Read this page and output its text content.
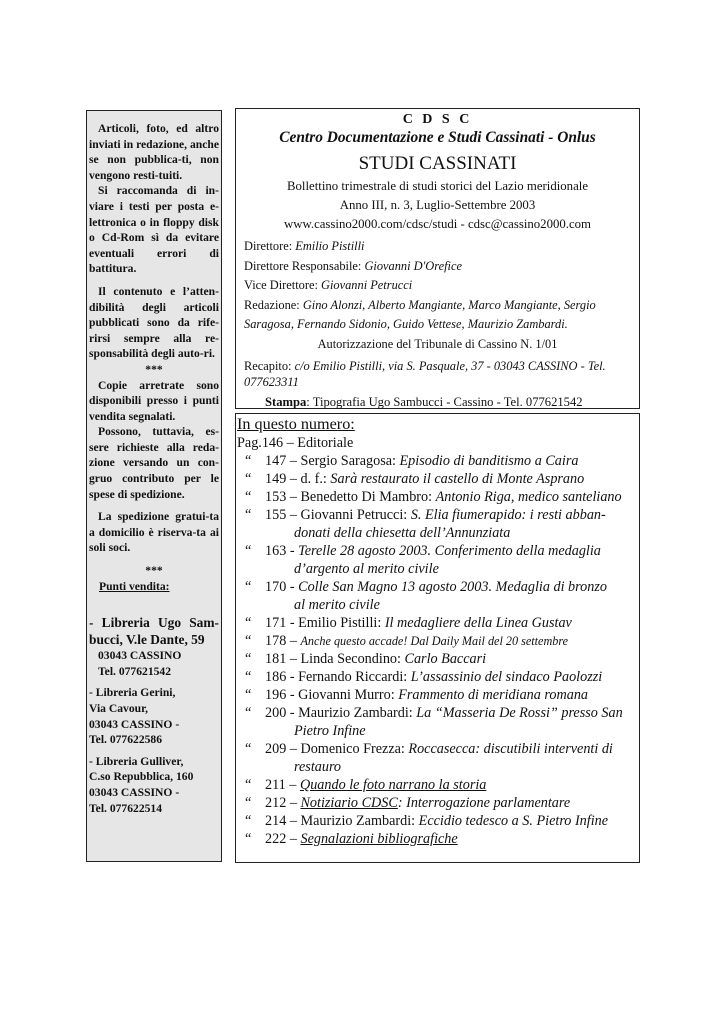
Articoli, foto, ed altro inviati in redazione, anche se non pubblica-ti, non vengono resti-tuiti.

Si raccomanda di in-viare i testi per posta e-lettronica o in floppy disk o Cd-Rom sì da evitare eventuali errori di battitura.

Il contenuto e l’atten-dibilità degli articoli pubblicati sono da rife-rirsi sempre alla re-sponsabilità degli auto-ri.

***

Copie arretrate sono disponibili presso i punti vendita segnalati.

Possono, tuttavia, es-sere richieste alla reda-zione versando un con-gruo contributo per le spese di spedizione.

La spedizione gratui-ta a domicilio è riserva-ta ai soli soci.

***

Punti vendita:

- Libreria Ugo Sam-bucci, V.le Dante, 59

03043 CASSINO

Tel. 077621542

- Libreria Gerini,

Via Cavour,

03043 CASSINO -

Tel. 077622586

- Libreria Gulliver,

C.so Repubblica, 160

03043 CASSINO -

Tel. 077622514

C D S C
Centro Documentazione e Studi Cassinati - Onlus
STUDI CASSINATI
Bollettino trimestrale di studi storici del Lazio meridionale
Anno III, n. 3, Luglio-Settembre 2003
www.cassino2000.com/cdsc/studi - cdsc@cassino2000.com
Direttore: Emilio Pistilli
Direttore Responsabile: Giovanni D'Orefice
Vice Direttore: Giovanni Petrucci
Redazione: Gino Alonzi, Alberto Mangiante, Marco Mangiante, Sergio Saragosa, Fernando Sidonio, Guido Vettese, Maurizio Zambardi.
Autorizzazione del Tribunale di Cassino N. 1/01
Recapito: c/o Emilio Pistilli, via S. Pasquale, 37 - 03043 CASSINO - Tel. 077623311
Stampa: Tipografia Ugo Sambucci - Cassino - Tel. 077621542
In questo numero:
Pag.146 – Editoriale
“ 147 – Sergio Saragosa: Episodio di banditismo a Caira
“ 149 – d. f.: Sarà restaurato il castello di Monte Asprano
“ 153 – Benedetto Di Mambro: Antonio Riga, medico santeliano
“ 155 – Giovanni Petrucci: S. Elia fiumerapido: i resti abban-
donati della chiesetta dell’Annunziata
“ 163 - Terelle 28 agosto 2003. Conferimento della medaglia
d’argento al merito civile
“ 170 - Colle San Magno 13 agosto 2003. Medaglia di bronzo
al merito civile
“ 171 - Emilio Pistilli: Il medagliere della Linea Gustav
“ 178 – Anche questo accade! Dal Daily Mail del 20 settembre
“ 181 – Linda Secondino: Carlo Baccari
“ 186 - Fernando Riccardi: L’assassinio del sindaco Paolozzi
“ 196 - Giovanni Murro: Frammento di meridiana romana
“ 200 - Maurizio Zambardi: La “Masseria De Rossi” presso San
Pietro Infine
“ 209 – Domenico Frezza: Roccasecca: discutibili interventi di
restauro
“ 211 – Quando le foto narrano la storia
“ 212 – Notiziario CDSC: Interrogazione parlamentare
“ 214 – Maurizio Zambardi: Eccidio tedesco a S. Pietro Infine
“ 222 – Segnalazioni bibliografiche
